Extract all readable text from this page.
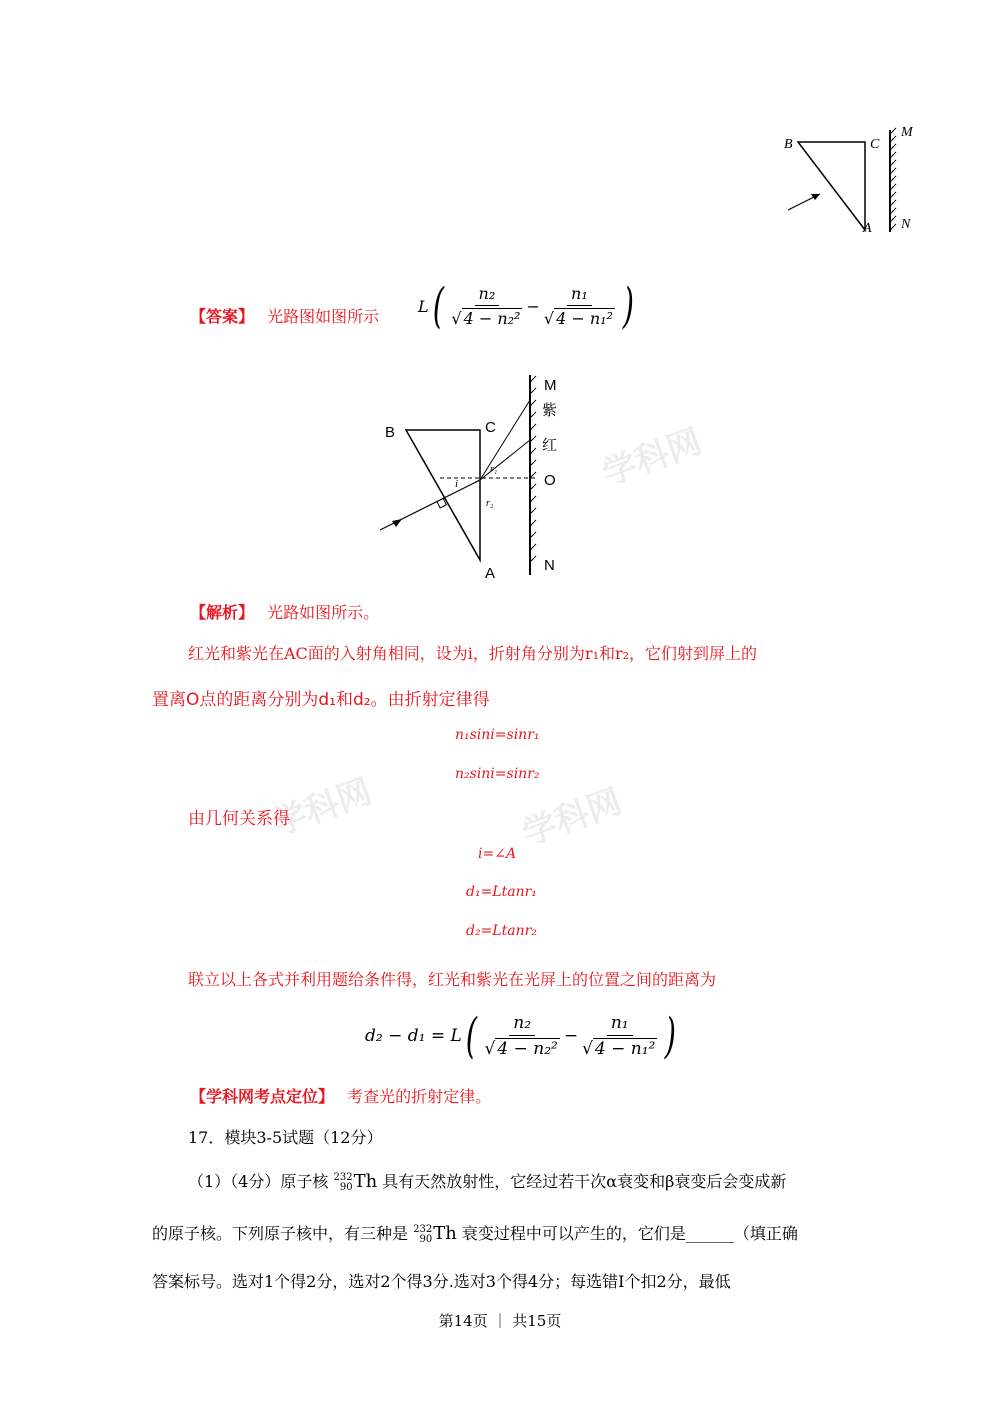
学科网
学科网	学科网
B	C
A
M
N
【答案】 光路图如图所示
L ( $\frac{\text{n₂}}{\text{√ 4 − n₂²}} - \frac{\text{n₁}}{\text{√ 4 − n₁²}}$ )
B	C
A
M
紫
红
O
N
i
r₁
r₂
【解析】 光路如图所示。
红光和紫光在AC面的入射角相同，设为i，折射角分别为r₁和r₂，它们射到屏上的
置离O点的距离分别为d₁和d₂。由折射定律得
n₁sini=sinr₁
n₂sini=sinr₂
由几何关系得
i=∠A
d₁=Ltanr₁
d₂=Ltanr₂
联立以上各式并利用题给条件得，红光和紫光在光屏上的位置之间的距离为
d₂ − d₁ = L ( $\frac{\text{n₂}}{\text{√ 4 − n₂²}} - \frac{\text{n₁}}{\text{√ 4 − n₁²}}$ )
【学科网考点定位】 考查光的折射定律。
17．模块3-5试题（12分）
（1）（4分）原子核 232
90 Th 具有天然放射性，它经过若干次α衰变和β衰变后会变成新
的原子核。下列原子核中，有三种是 232
90 Th 衰变过程中可以产生的，它们是______（填正确
答案标号。选对1个得2分，选对2个得3分.选对3个得4分；每选错I个扣2分，最低
第14页 ｜ 共15页
